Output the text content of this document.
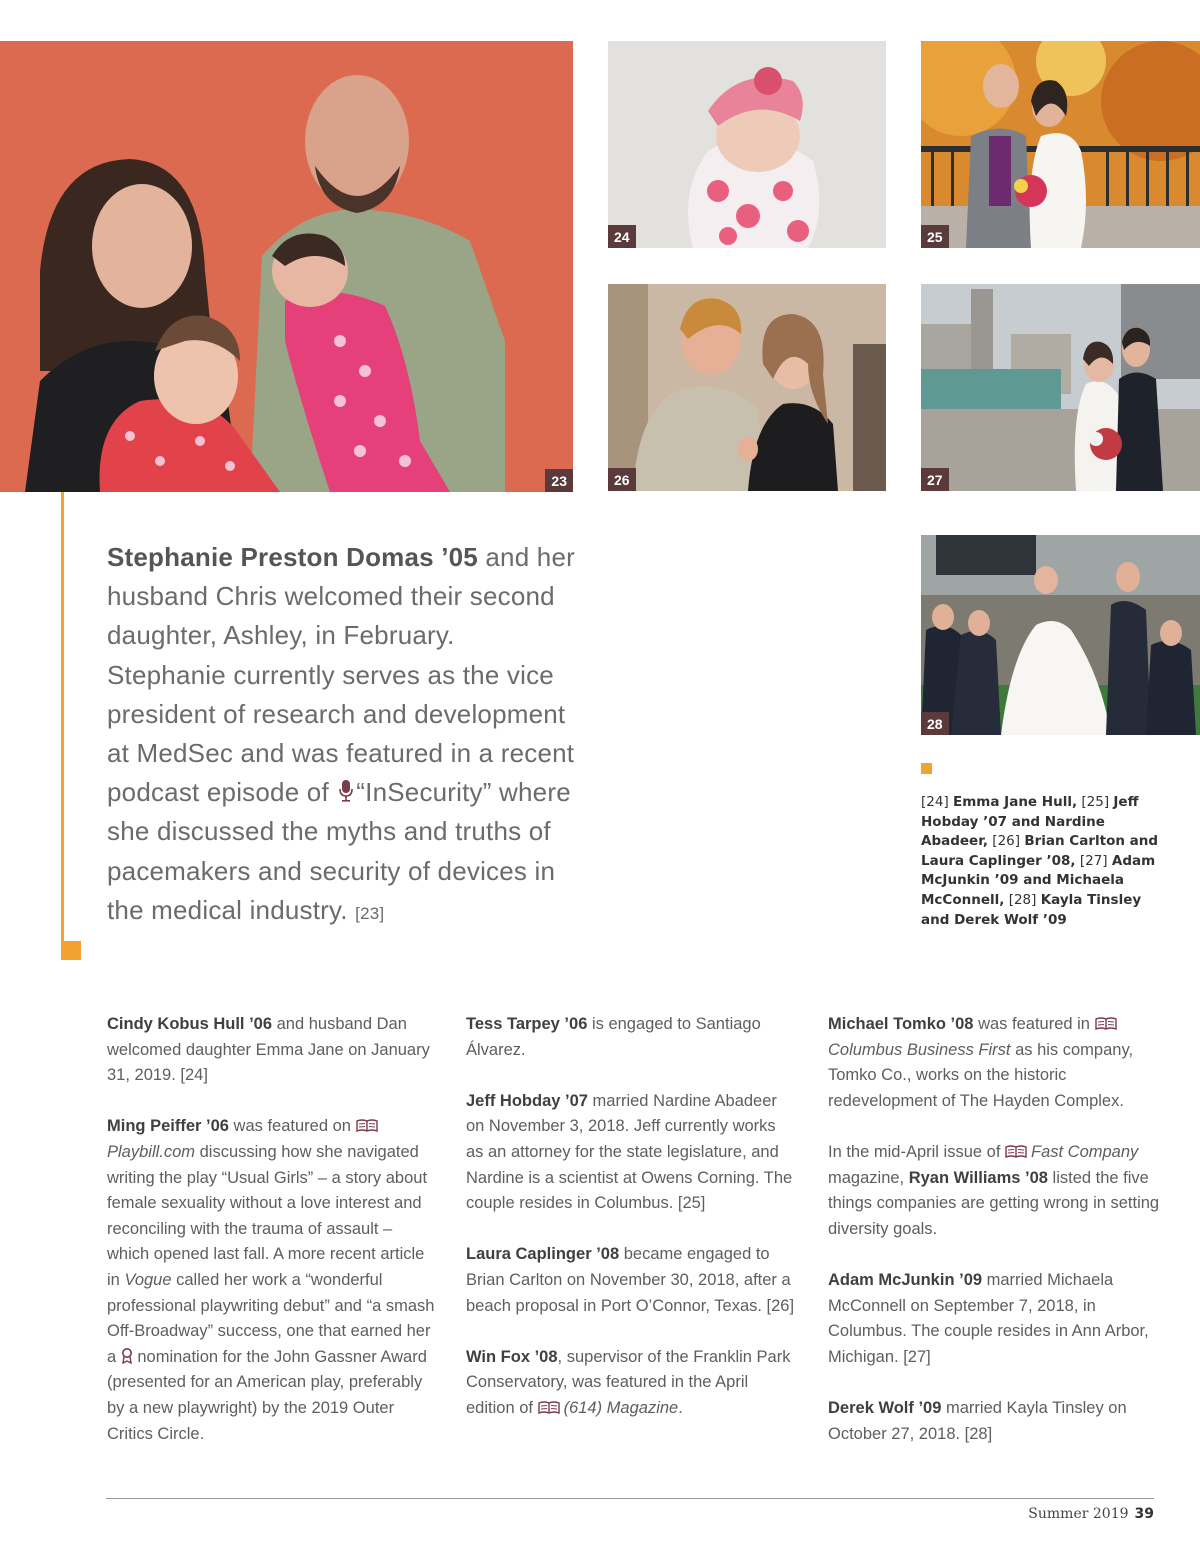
23
24	25
26	27
28
Stephanie Preston Domas ’05 and her husband Chris welcomed their second daughter, Ashley, in February. Stephanie currently serves as the vice president of research and development at MedSec and was featured in a recent podcast episode of “InSecurity” where she discussed the myths and truths of pacemakers and security of devices in the medical industry. [23]
[24] Emma Jane Hull, [25] Jeff Hobday ’07 and Nardine Abadeer, [26] Brian Carlton and Laura Caplinger ’08, [27] Adam McJunkin ’09 and Michaela McConnell, [28] Kayla Tinsley and Derek Wolf ’09

Cindy Kobus Hull ’06 and husband Dan welcomed daughter Emma Jane on January 31, 2019. [24]

Ming Peiffer ’06 was featured on Playbill.com discussing how she navigated writing the play “Usual Girls” – a story about female sexuality without a love interest and reconciling with the trauma of assault – which opened last fall. A more recent article in Vogue called her work a “wonderful professional playwriting debut” and “a smash Off-Broadway” success, one that earned her a  nomination for the John Gassner Award (presented for an American play, preferably by a new playwright) by the 2019 Outer Critics Circle.

Tess Tarpey ’06 is engaged to Santiago Álvarez.

Jeff Hobday ’07 married Nardine Abadeer on November 3, 2018. Jeff currently works as an attorney for the state legislature, and Nardine is a scientist at Owens Corning. The couple resides in Columbus. [25]

Laura Caplinger ’08 became engaged to Brian Carlton on November 30, 2018, after a beach proposal in Port O’Connor, Texas. [26]

Win Fox ’08, supervisor of the Franklin Park Conservatory, was featured in the April edition of (614) Magazine.

Michael Tomko ’08 was featured in Columbus Business First as his company, Tomko Co., works on the historic redevelopment of The Hayden Complex.

In the mid-April issue of Fast Company magazine, Ryan Williams ’08 listed the five things companies are getting wrong in setting diversity goals.

Adam McJunkin ’09 married Michaela McConnell on September 7, 2018, in Columbus. The couple resides in Ann Arbor, Michigan. [27]

Derek Wolf ’09 married Kayla Tinsley on October 27, 2018. [28]

Summer 2019 39
